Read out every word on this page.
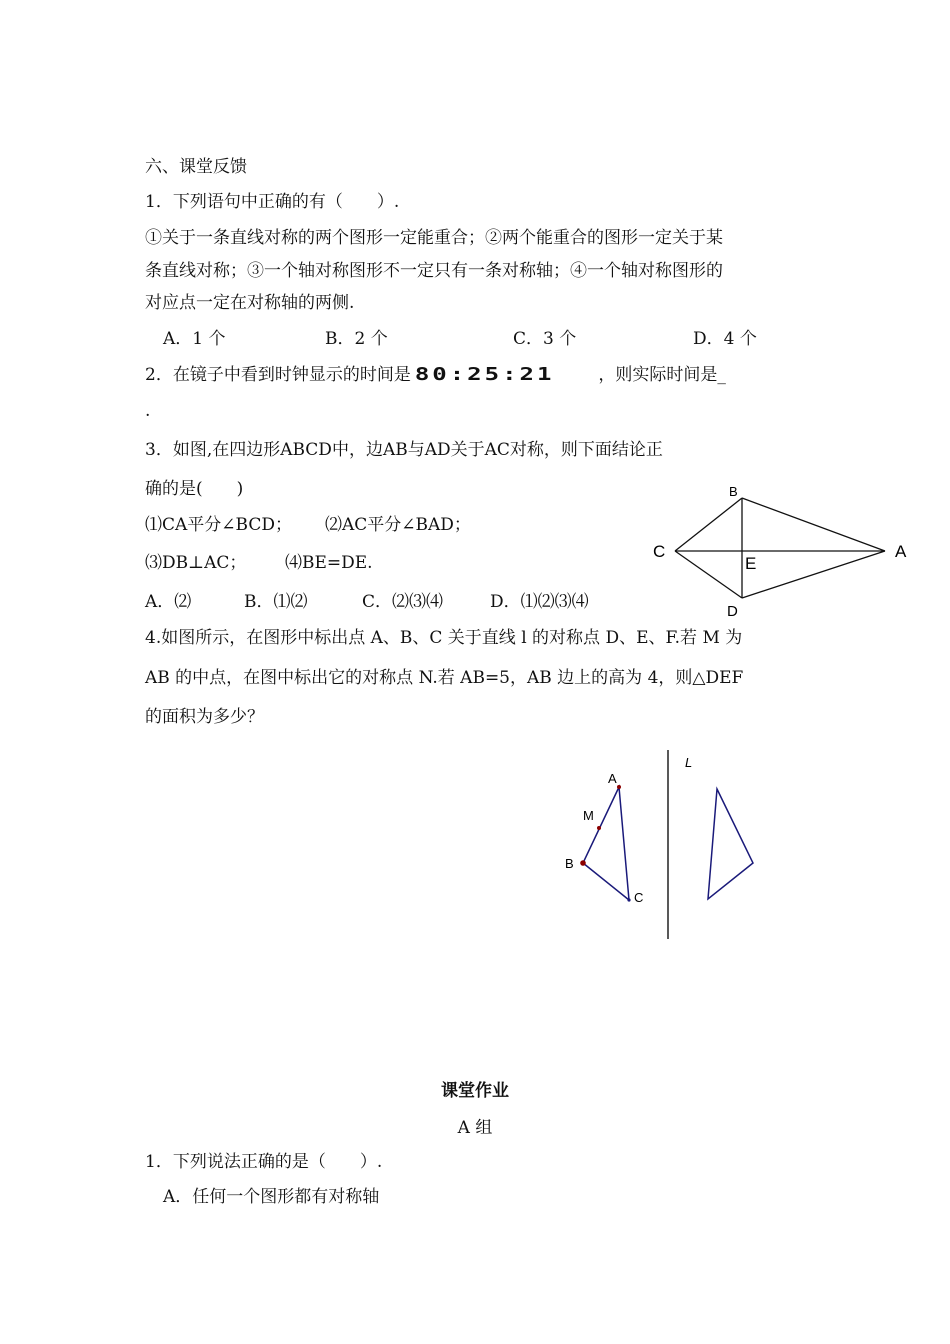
六、课堂反馈
1．下列语句中正确的有（　　）.
①关于一条直线对称的两个图形一定能重合；②两个能重合的图形一定关于某
条直线对称；③一个轴对称图形不一定只有一条对称轴；④一个轴对称图形的
对应点一定在对称轴的两侧.
A．1 个	B．2 个	C．3 个	D．4 个
2．在镜子中看到时钟显示的时间是 80:25:21	，则实际时间是_
.
3．如图,在四边形ABCD中，边AB与AD关于AC对称，则下面结论正
确的是(　　)
⑴CA平分∠BCD； ⑵AC平分∠BAD；
⑶DB⊥AC； ⑷BE=DE.
A．⑵	B．⑴⑵	C．⑵⑶⑷	D．⑴⑵⑶⑷
B
C	A
E
D
4.如图所示，在图形中标出点 A、B、C 关于直线 l 的对称点 D、E、F.若 M 为
AB 的中点，在图中标出它的对称点 N.若 AB=5，AB 边上的高为 4，则△DEF
的面积为多少？
L
A
M
B
C
课堂作业
A 组
1．下列说法正确的是（　　）.
A．任何一个图形都有对称轴
